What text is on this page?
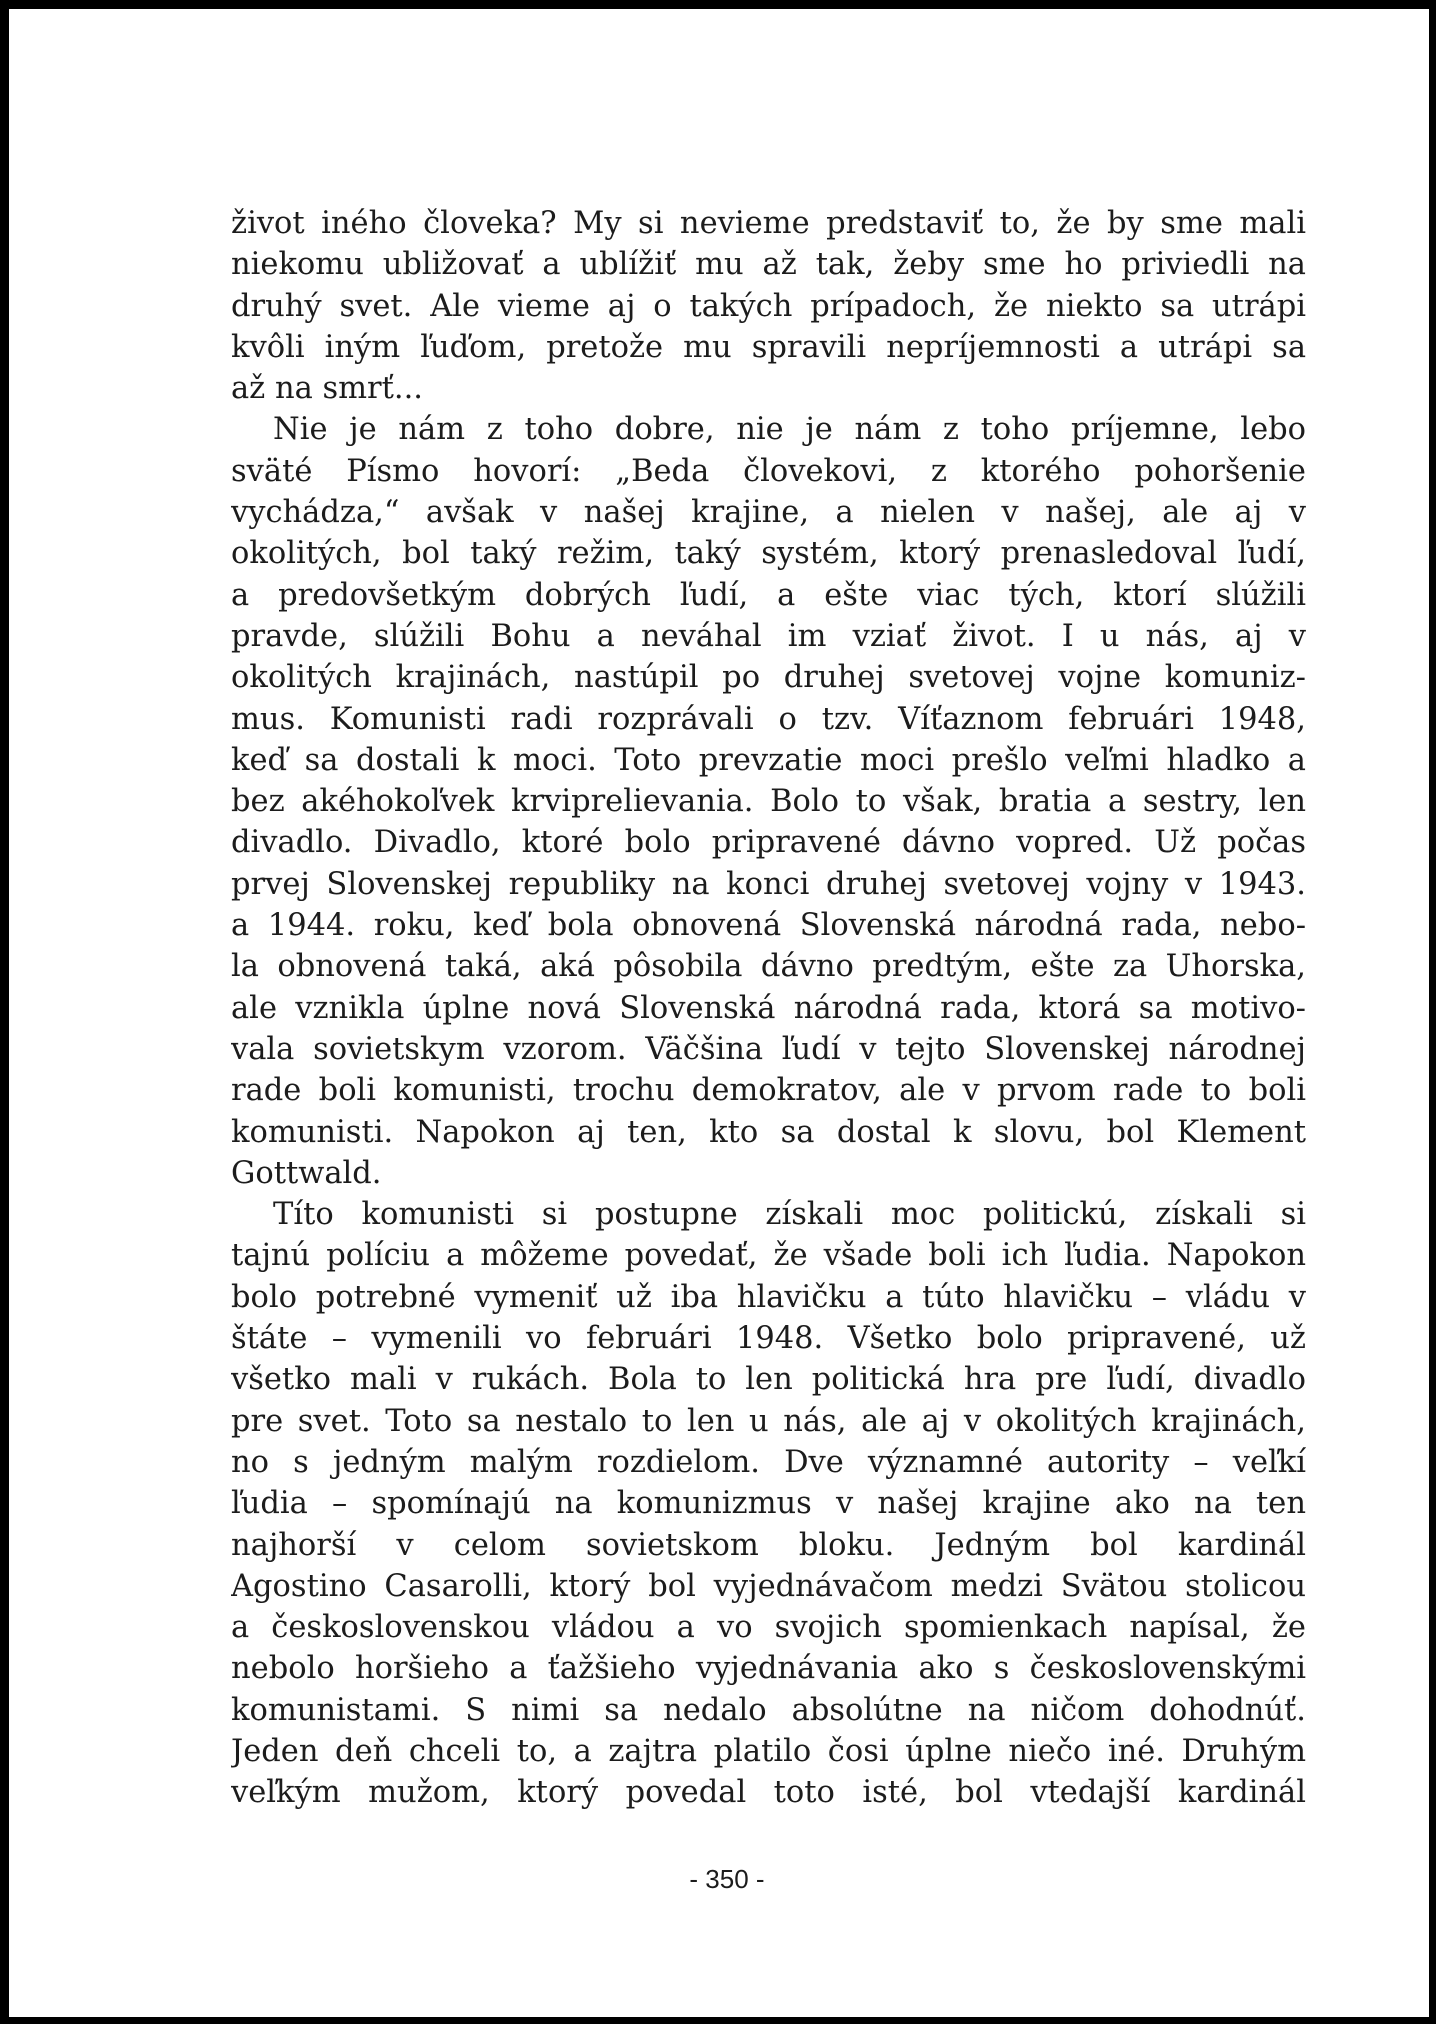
život iného človeka? My si nevieme predstaviť to, že by sme mali
niekomu ubližovať a ublížiť mu až tak, žeby sme ho priviedli na
druhý svet. Ale vieme aj o takých prípadoch, že niekto sa utrápi
kvôli iným ľuďom, pretože mu spravili nepríjemnosti a utrápi sa
až na smrť...
Nie je nám z toho dobre, nie je nám z toho príjemne, lebo
sväté Písmo hovorí: „Beda človekovi, z ktorého pohoršenie
vychádza,“ avšak v našej krajine, a nielen v našej, ale aj v
okolitých, bol taký režim, taký systém, ktorý prenasledoval ľudí,
a predovšetkým dobrých ľudí, a ešte viac tých, ktorí slúžili
pravde, slúžili Bohu a neváhal im vziať život. I u nás, aj v
okolitých krajinách, nastúpil po druhej svetovej vojne komuniz-
mus. Komunisti radi rozprávali o tzv. Víťaznom februári 1948,
keď sa dostali k moci. Toto prevzatie moci prešlo veľmi hladko a
bez akéhokoľvek krviprelievania. Bolo to však, bratia a sestry, len
divadlo. Divadlo, ktoré bolo pripravené dávno vopred. Už počas
prvej Slovenskej republiky na konci druhej svetovej vojny v 1943.
a 1944. roku, keď bola obnovená Slovenská národná rada, nebo-
la obnovená taká, aká pôsobila dávno predtým, ešte za Uhorska,
ale vznikla úplne nová Slovenská národná rada, ktorá sa motivo-
vala sovietskym vzorom. Väčšina ľudí v tejto Slovenskej národnej
rade boli komunisti, trochu demokratov, ale v prvom rade to boli
komunisti. Napokon aj ten, kto sa dostal k slovu, bol Klement
Gottwald.
Títo komunisti si postupne získali moc politickú, získali si
tajnú políciu a môžeme povedať, že všade boli ich ľudia. Napokon
bolo potrebné vymeniť už iba hlavičku a túto hlavičku – vládu v
štáte – vymenili vo februári 1948. Všetko bolo pripravené, už
všetko mali v rukách. Bola to len politická hra pre ľudí, divadlo
pre svet. Toto sa nestalo to len u nás, ale aj v okolitých krajinách,
no s jedným malým rozdielom. Dve významné autority – veľkí
ľudia – spomínajú na komunizmus v našej krajine ako na ten
najhorší v celom sovietskom bloku. Jedným bol kardinál
Agostino Casarolli, ktorý bol vyjednávačom medzi Svätou stolicou
a československou vládou a vo svojich spomienkach napísal, že
nebolo horšieho a ťažšieho vyjednávania ako s československými
komunistami. S nimi sa nedalo absolútne na ničom dohodnúť.
Jeden deň chceli to, a zajtra platilo čosi úplne niečo iné. Druhým
veľkým mužom, ktorý povedal toto isté, bol vtedajší kardinál
- 350 -
